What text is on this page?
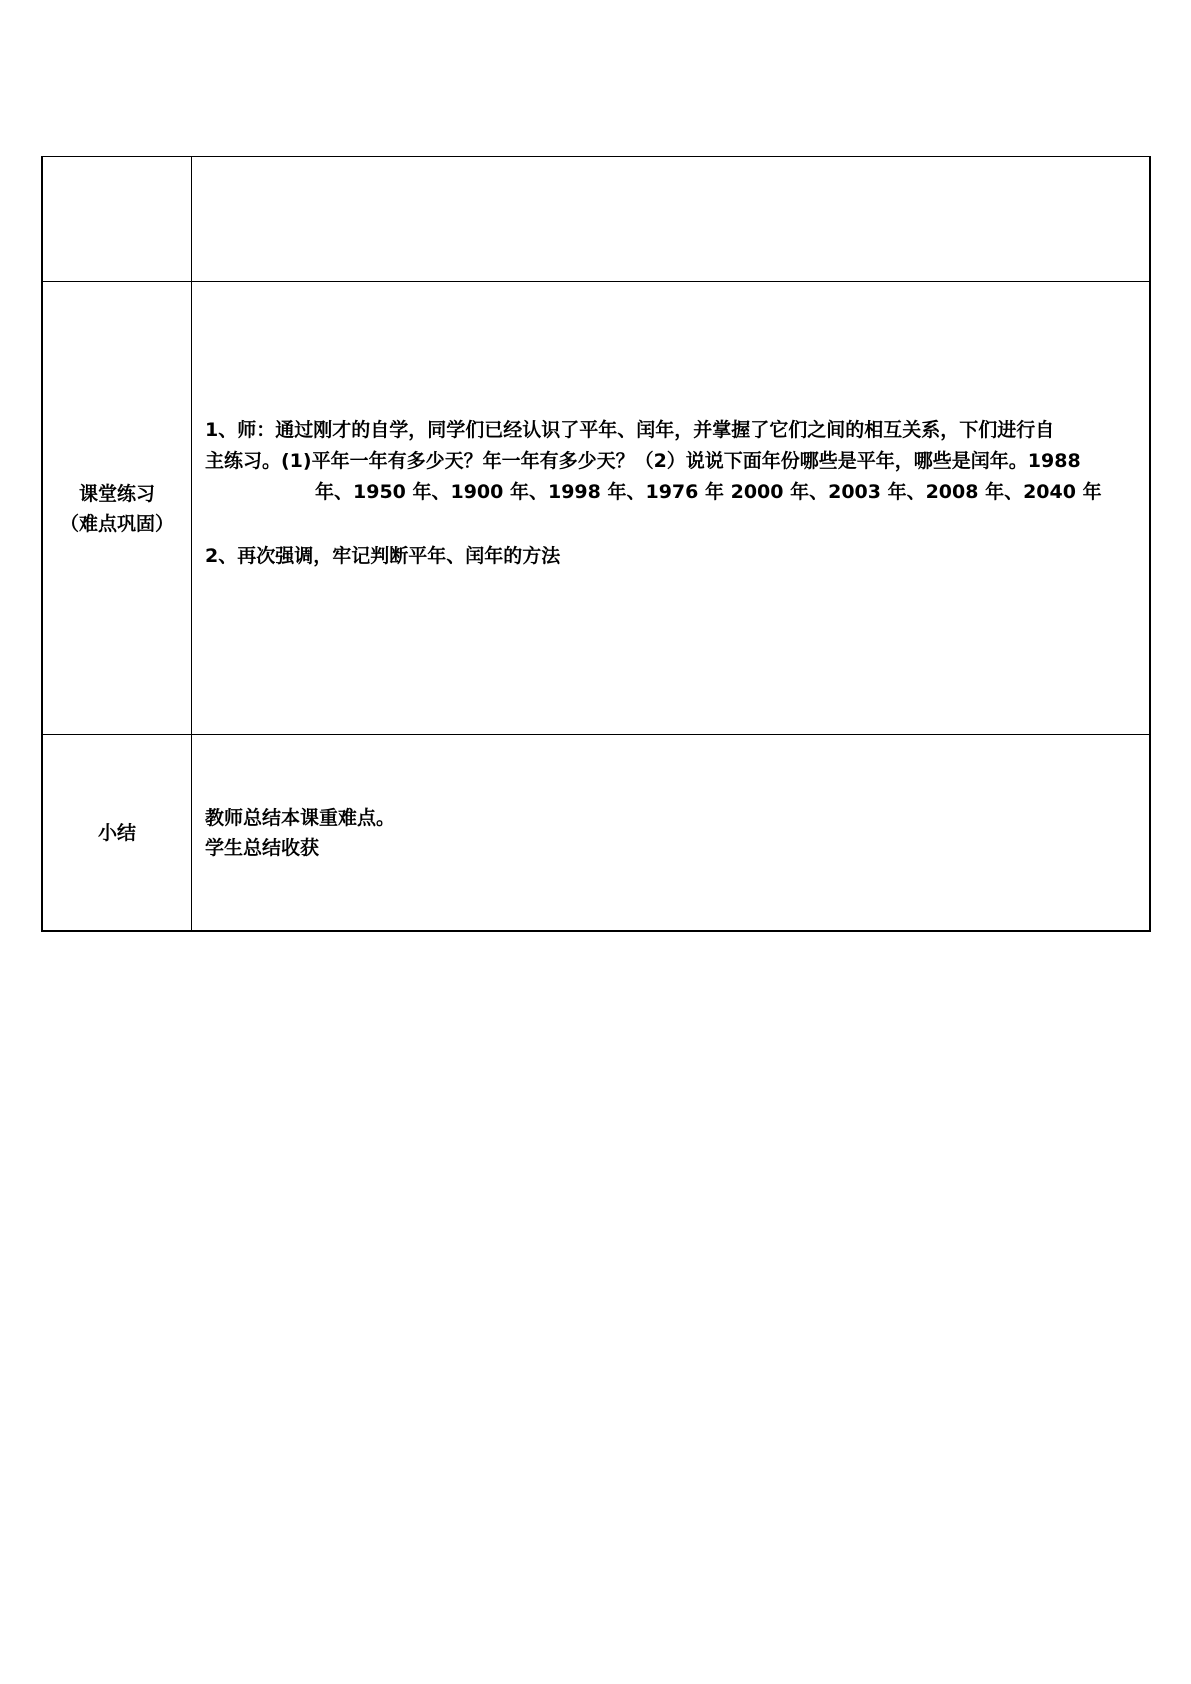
课堂练习
（难点巩固）
1、师：通过刚才的自学，同学们已经认识了平年、闰年，并掌握了它们之间的相互关系，下们进行自
主练习。(1)平年一年有多少天？年一年有多少天？（2）说说下面年份哪些是平年，哪些是闰年。1988
年、1950 年、1900 年、1998 年、1976 年 2000 年、2003 年、2008 年、2040 年
2、再次强调，牢记判断平年、闰年的方法
小结
教师总结本课重难点。
学生总结收获
